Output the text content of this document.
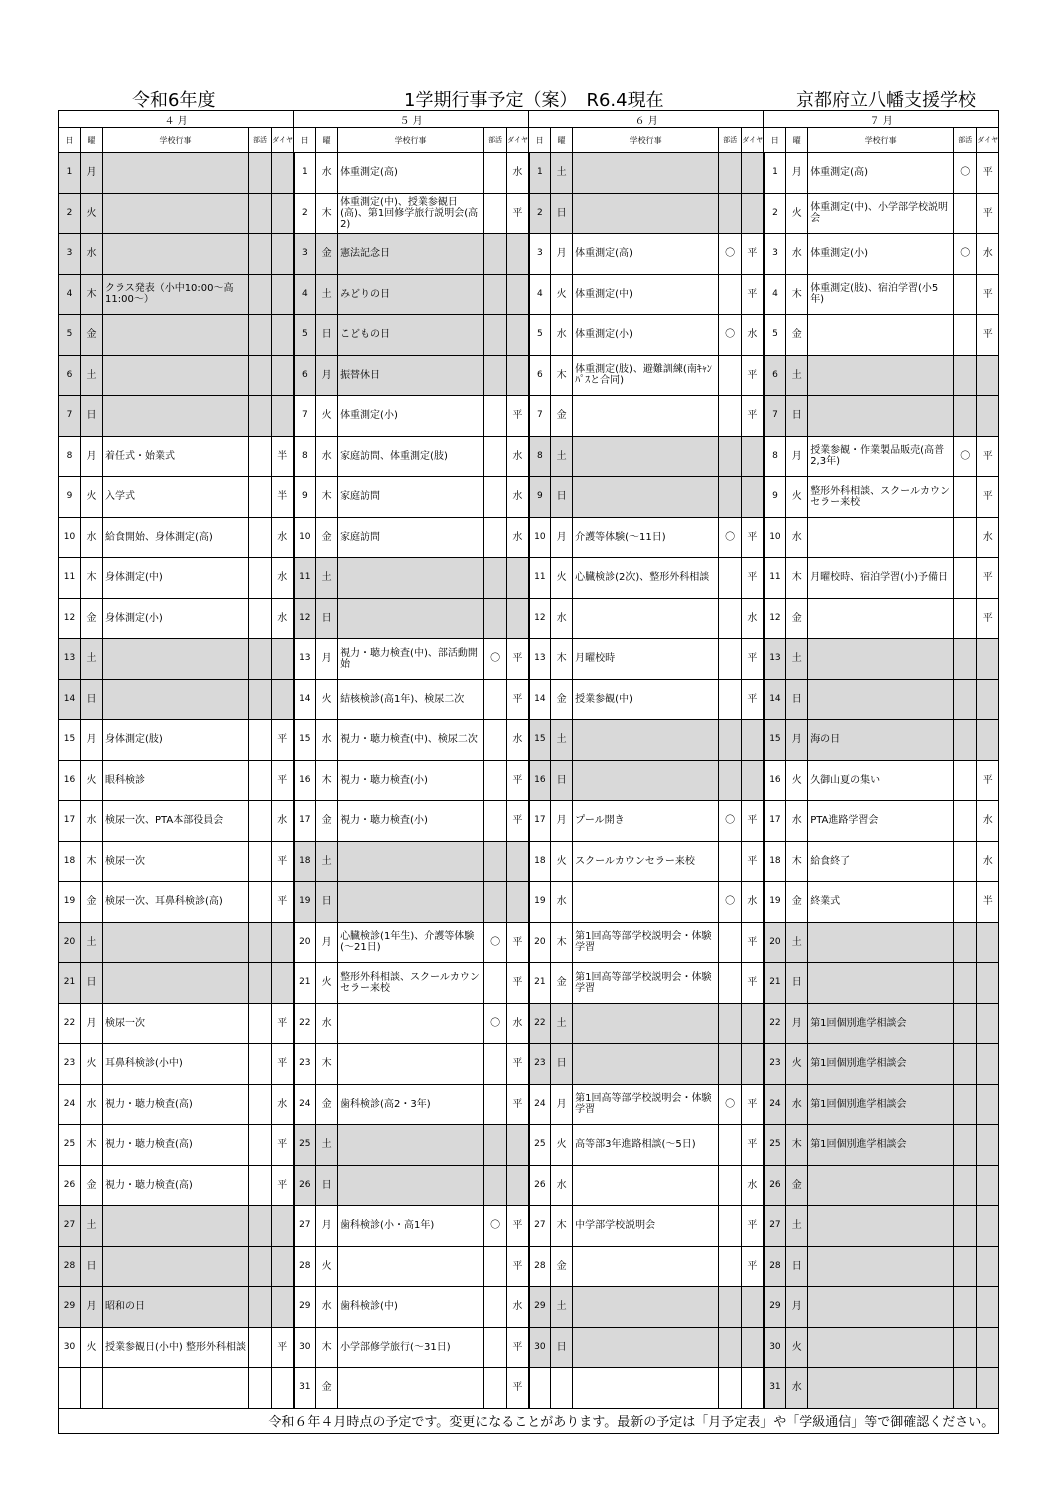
令和6年度	1学期行事予定（案）　R6.4現在	京都府立八幡支援学校
４ 月					５ 月					６ 月					７ 月				
日	曜	学校行事	部活	ダイヤ	日	曜	学校行事	部活	ダイヤ	日	曜	学校行事	部活	ダイヤ	日	曜	学校行事	部活	ダイヤ
1	月				1	水	体重測定(高)		水	1	土				1	月	体重測定(高)	〇	平
2	火				2	木	体重測定(中)、授業参観日(高)、第1回修学旅行説明会(高2)		平	2	日				2	火	体重測定(中)、小学部学校説明会		平
3	水				3	金	憲法記念日			3	月	体重測定(高)	〇	平	3	水	体重測定(小)	〇	水
4	木	クラス発表（小中10:00～高11:00～）			4	土	みどりの日			4	火	体重測定(中)		平	4	木	体重測定(肢)、宿泊学習(小5年)		平
5	金				5	日	こどもの日			5	水	体重測定(小)	〇	水	5	金			平
6	土				6	月	振替休日			6	木	体重測定(肢)、避難訓練(南ｷｬﾝﾊﾟｽと合同)		平	6	土			
7	日				7	火	体重測定(小)		平	7	金			平	7	日			
8	月	着任式・始業式		半	8	水	家庭訪問、体重測定(肢)		水	8	土				8	月	授業参観・作業製品販売(高普2,3年)	〇	平
9	火	入学式		半	9	木	家庭訪問		水	9	日				9	火	整形外科相談、スクールカウンセラー来校		平
10	水	給食開始、身体測定(高)		水	10	金	家庭訪問		水	10	月	介護等体験(～11日)	〇	平	10	水			水
11	木	身体測定(中)		水	11	土				11	火	心臓検診(2次)、整形外科相談		平	11	木	月曜校時、宿泊学習(小)予備日		平
12	金	身体測定(小)		水	12	日				12	水			水	12	金			平
13	土				13	月	視力・聴力検査(中)、部活動開始	〇	平	13	木	月曜校時		平	13	土			
14	日				14	火	結核検診(高1年)、検尿二次		平	14	金	授業参観(中)		平	14	日			
15	月	身体測定(肢)		平	15	水	視力・聴力検査(中)、検尿二次		水	15	土				15	月	海の日		
16	火	眼科検診		平	16	木	視力・聴力検査(小)		平	16	日				16	火	久御山夏の集い		平
17	水	検尿一次、PTA本部役員会		水	17	金	視力・聴力検査(小)		平	17	月	プール開き	〇	平	17	水	PTA進路学習会		水
18	木	検尿一次		平	18	土				18	火	スクールカウンセラー来校		平	18	木	給食終了		水
19	金	検尿一次、耳鼻科検診(高)		平	19	日				19	水		〇	水	19	金	終業式		半
20	土				20	月	心臓検診(1年生)、介護等体験(～21日)	〇	平	20	木	第1回高等部学校説明会・体験学習		平	20	土			
21	日				21	火	整形外科相談、スクールカウンセラー来校		平	21	金	第1回高等部学校説明会・体験学習		平	21	日			
22	月	検尿一次		平	22	水		〇	水	22	土				22	月	第1回個別進学相談会		
23	火	耳鼻科検診(小中)		平	23	木			平	23	日				23	火	第1回個別進学相談会		
24	水	視力・聴力検査(高)		水	24	金	歯科検診(高2・3年)		平	24	月	第1回高等部学校説明会・体験学習	〇	平	24	水	第1回個別進学相談会		
25	木	視力・聴力検査(高)		平	25	土				25	火	高等部3年進路相談(～5日)		平	25	木	第1回個別進学相談会		
26	金	視力・聴力検査(高)		平	26	日				26	水			水	26	金			
27	土				27	月	歯科検診(小・高1年)	〇	平	27	木	中学部学校説明会		平	27	土			
28	日				28	火			平	28	金			平	28	日			
29	月	昭和の日			29	水	歯科検診(中)		水	29	土				29	月			
30	火	授業参観日(小中) 整形外科相談		平	30	木	小学部修学旅行(～31日)		平	30	日				30	火			
					31	金			平						31	水			
令和６年４月時点の予定です。変更になることがあります。最新の予定は「月予定表」や「学級通信」等で御確認ください。																			
